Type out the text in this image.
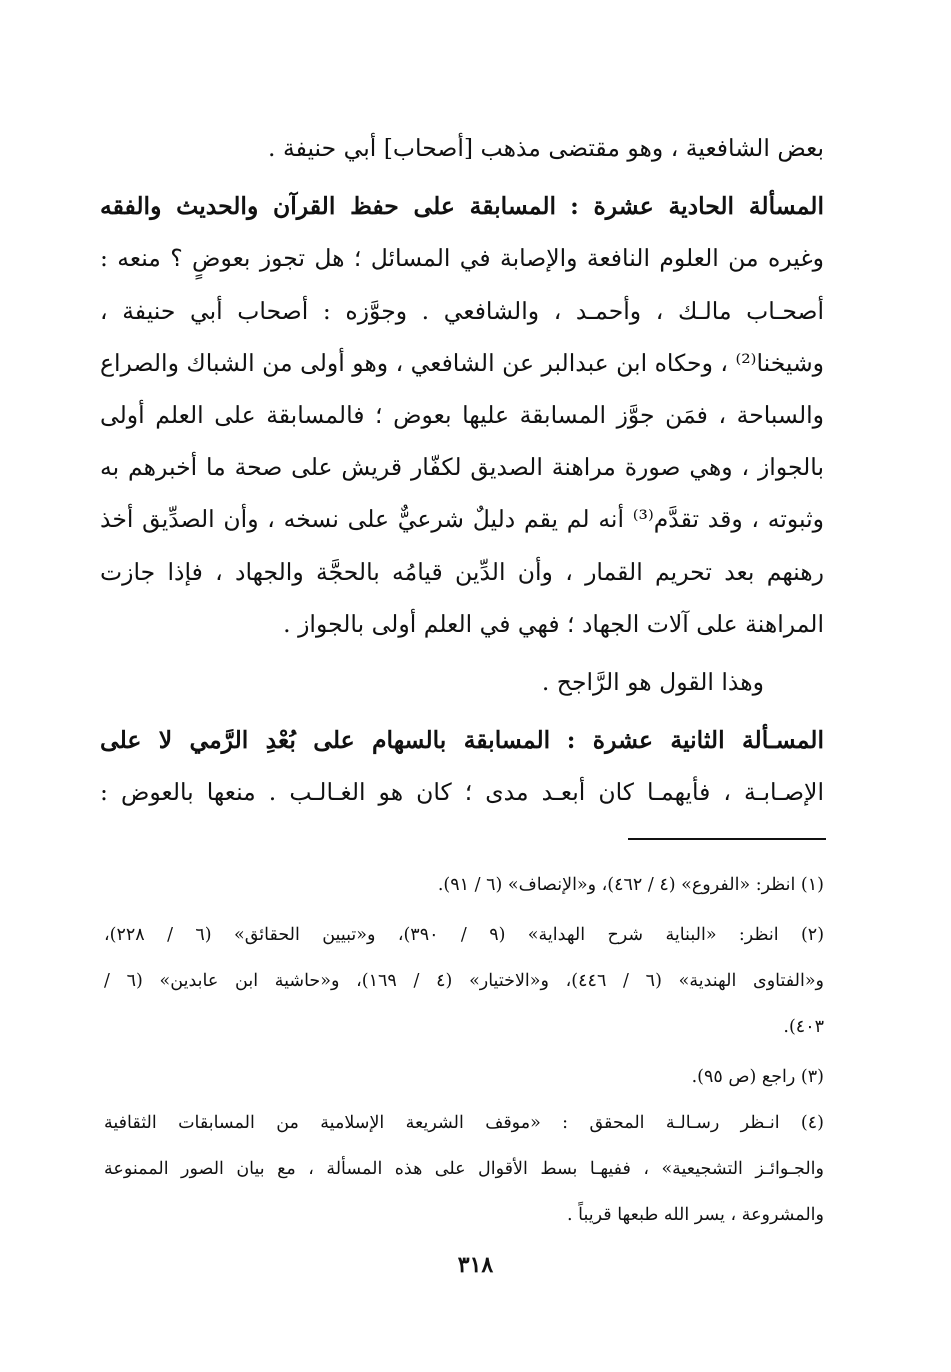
بعض الشافعية ، وهو مقتضى مذهب [أصحاب] أبي حنيفة .
المسألة الحادية عشرة : المسابقة على حفظ القرآن والحديث والفقه
وغيره من العلوم النافعة والإصابة في المسائل ؛ هل تجوز بعوضٍ ؟ منعه :
أصحـاب مالـك ، وأحمـد ، والشافعي . وجوَّزه : أصحاب أبي حنيفة ،
وشيخنا⁽²⁾ ، وحكاه ابن عبدالبر عن الشافعي ، وهو أولى من الشباك والصراع
والسباحة ، فمَن جوَّز المسابقة عليها بعوض ؛ فالمسابقة على العلم أولى
بالجواز ، وهي صورة مراهنة الصديق لكفّار قريش على صحة ما أخبرهم به
وثبوته ، وقد تقدَّم⁽³⁾ أنه لم يقم دليلٌ شرعيٌّ على نسخه ، وأن الصدِّيق أخذ
رهنهم بعد تحريم القمار ، وأن الدِّين قيامُه بالحجَّة والجهاد ، فإذا جازت
المراهنة على آلات الجهاد ؛ فهي في العلم أولى بالجواز .
وهذا القول هو الرَّاجح .
المسـألة الثانية عشرة : المسابقة بالسهام على بُعْدِ الرَّمي لا على
الإصـابـة ، فأيهمـا كان أبعـد مدى ؛ كان هو الغـالـب . منعها بالعوض :
(١) انظر: «الفروع» (٤ / ٤٦٢)، و«الإنصاف» (٦ / ٩١).
(٢) انظر: «البناية شرح الهداية» (٩ / ٣٩٠)، و«تبيين الحقائق» (٦ / ٢٢٨)،
و«الفتاوى الهندية» (٦ / ٤٤٦)، و«الاختيار» (٤ / ١٦٩)، و«حاشية ابن عابدين» (٦ /
٤٠٣).
(٣) راجع (ص ٩٥).
(٤) انـظر رسـالـة المحقق : «موقف الشريعة الإسلامية من المسابقات الثقافية
والجـوائـز التشجيعية» ، ففيهـا بسط الأقوال على هذه المسألة ، مع بيان الصور الممنوعة
والمشروعة ، يسر الله طبعها قريباً .
٣١٨
